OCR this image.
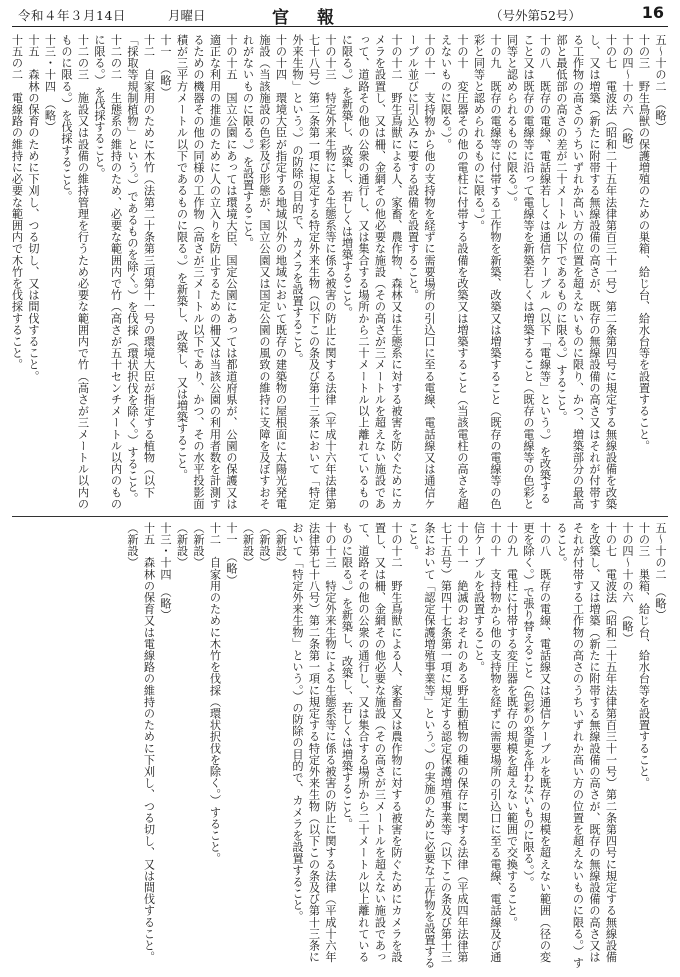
令和４年３月14日	月曜日	官報	（号外第52号）	16

五〜十の二　（略）

十の三　野生鳥獣の保護増殖のための巣箱、給じ台、給水台等を設置すること。

十の四〜十の六　（略）

十の七　電波法（昭和二十五年法律第百三十一号）第二条第四号に規定する無線設備を改築し、又は増築（新たに附帯する無線設備の高さが、既存の無線設備の高さ又はそれが付帯する工作物の高さのうちいずれか高い方の位置を超えないものに限り、かつ、増築部分の最高部と最低部の高さの差が二十メートル以下であるものに限る。）すること。

十の八　既存の電線、電話線若しくは通信ケーブル（以下「電線等」という。）を改築すること又は既存の電線等に沿って電線等を新築若しくは増築すること（既存の電線等の色彩と同等と認められるものに限る。）。

十の九　既存の電線等に付帯する工作物を新築、改築又は増築すること（既存の電線等の色彩と同等と認められるものに限る。）。

十の十　変圧器その他の電柱に付帯する設備を改築又は増築すること（当該電柱の高さを超えないものに限る。）。

十の十一　支持物から他の支持物を経ずに需要場所の引込口に至る電線、電話線又は通信ケーブル並びに引込みに要する設備を設置すること。

十の十二　野生鳥獣による人、家畜、農作物、森林又は生態系に対する被害を防ぐためにカメラを設置し、又は柵、金網その他必要な施設（その高さが三メートルを超えない施設であって、道路その他の公衆の通行し、又は集合する場所から二十メートル以上離れているものに限る。）を新築し、改築し、若しくは増築すること。

十の十三　特定外来生物による生態系等に係る被害の防止に関する法律（平成十六年法律第七十八号）第二条第一項に規定する特定外来生物（以下この条及び第十三条において「特定外来生物」という。）の防除の目的で、カメラを設置すること。

十の十四　環境大臣が指定する地域以外の地域において既存の建築物の屋根面に太陽光発電施設（当該施設の色彩及び形態が、国立公園又は国定公園の風致の維持に支障を及ぼすおそれがないものに限る。）を設置すること。

十の十五　国立公園にあっては環境大臣、国定公園にあっては都道府県が、公園の保護又は適正な利用の推進のために人の立入りを防止するための柵又は当該公園の利用者数を計測するための機器その他の同様の工作物（高さが三メートル以下であり、かつ、その水平投影面積が三平方メートル以下であるものに限る。）を新築し、改築し、又は増築すること。

十一　（略）

十二　自家用のために木竹（法第二十条第三項第十一号の環境大臣が指定する植物（以下「採取等規制植物」という。）であるものを除く。）を伐採（環状択伐を除く。）すること。

十二の二　生態系の維持のため、必要な範囲内で竹（高さが五十センチメートル以内のものに限る。）を伐採すること。

十二の三　施設又は設備の維持管理を行うため必要な範囲内で竹（高さが三メートル以内のものに限る。）を伐採すること。

十三・十四　（略）

十五　森林の保育のために下刈し、つる切し、又は間伐すること。

十五の二　電線路の維持に必要な範囲内で木竹を伐採すること。

五〜十の二　（略）

十の三　巣箱、給じ台、給水台等を設置すること。

十の四〜十の六　（略）

十の七　電波法（昭和二十五年法律第百三十一号）第二条第四号に規定する無線設備を改築し、又は増築（新たに附帯する無線設備の高さが、既存の無線設備の高さ又はそれが付帯する工作物の高さのうちいずれか高い方の位置を超えないものに限る。）すること。

十の八　既存の電線、電話線又は通信ケーブルを既存の規模を超えない範囲（径の変更を除く。）で張り替えること（色彩の変更を伴わないものに限る。）。

十の九　電柱に付帯する変圧器を既存の規模を超えない範囲で交換すること。

十の十　支持物から他の支持物を経ずに需要場所の引込口に至る電線、電話線及び通信ケーブルを設置すること。

十の十一　絶滅のおそれのある野生動植物の種の保存に関する法律（平成四年法律第七十五号）第四十七条第一項に規定する認定保護増殖事業等（以下この条及び第十三条において「認定保護増殖事業等」という。）の実施のために必要な工作物を設置すること。

十の十二　野生鳥獣による人、家畜又は農作物に対する被害を防ぐためにカメラを設置し、又は柵、金網その他必要な施設（その高さが三メートルを超えない施設であって、道路その他の公衆の通行し、又は集合する場所から二十メートル以上離れているものに限る。）を新築し、改築し、若しくは増築すること。

十の十三　特定外来生物による生態系等に係る被害の防止に関する法律（平成十六年法律第七十八号）第二条第一項に規定する特定外来生物（以下この条及び第十三条において「特定外来生物」という。）の防除の目的で、カメラを設置すること。

（新設）

（新設）

（新設）

十一　（略）

十二　自家用のために木竹を伐採（環状択伐を除く。）すること。

（新設）

（新設）

十三・十四　（略）

十五　森林の保育又は電線路の維持のために下刈し、つる切し、又は間伐すること。

（新設）
